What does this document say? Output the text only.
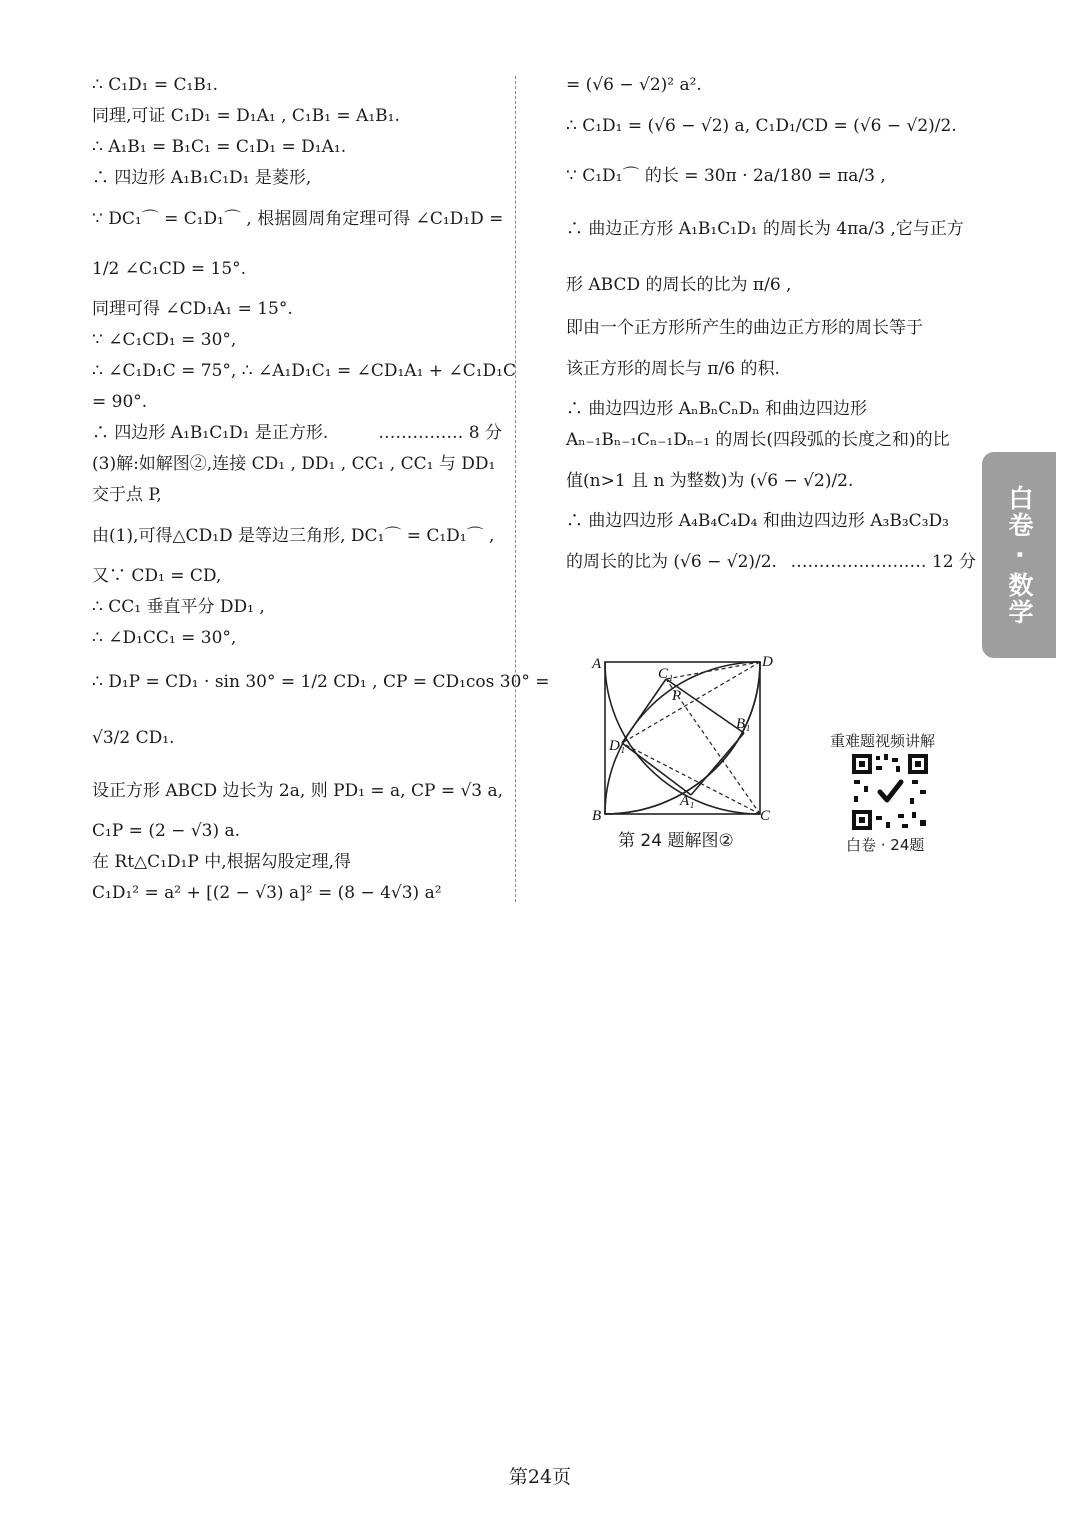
∴ C₁D₁ = C₁B₁.
同理,可证 C₁D₁ = D₁A₁ , C₁B₁ = A₁B₁.
∴ A₁B₁ = B₁C₁ = C₁D₁ = D₁A₁.
∴ 四边形 A₁B₁C₁D₁ 是菱形,
∵ DC₁⌒ = C₁D₁⌒ , 根据圆周角定理可得 ∠C₁D₁D =
1/2 ∠C₁CD = 15°.
同理可得 ∠CD₁A₁ = 15°.
∵ ∠C₁CD₁ = 30°,
∴ ∠C₁D₁C = 75°, ∴ ∠A₁D₁C₁ = ∠CD₁A₁ + ∠C₁D₁C
= 90°.
∴ 四边形 A₁B₁C₁D₁ 是正方形.	…………… 8 分
(3)解:如解图②,连接 CD₁ , DD₁ , CC₁ , CC₁ 与 DD₁
交于点 P,
由(1),可得△CD₁D 是等边三角形, DC₁⌒ = C₁D₁⌒ ,
又∵ CD₁ = CD,
∴ CC₁ 垂直平分 DD₁ ,
∴ ∠D₁CC₁ = 30°,
∴ D₁P = CD₁ · sin 30° = 1/2 CD₁ , CP = CD₁cos 30° =
√3/2 CD₁.
设正方形 ABCD 边长为 2a, 则 PD₁ = a, CP = √3 a,
C₁P = (2 − √3) a.
在 Rt△C₁D₁P 中,根据勾股定理,得
C₁D₁² = a² + [(2 − √3) a]² = (8 − 4√3) a²
= (√6 − √2)² a².
∴ C₁D₁ = (√6 − √2) a, C₁D₁/CD = (√6 − √2)/2.
∵ C₁D₁⌒ 的长 = 30π · 2a/180 = πa/3 ,
∴ 曲边正方形 A₁B₁C₁D₁ 的周长为 4πa/3 ,它与正方
形 ABCD 的周长的比为 π/6 ,
即由一个正方形所产生的曲边正方形的周长等于
该正方形的周长与 π/6 的积.
∴ 曲边四边形 AₙBₙCₙDₙ 和曲边四边形
Aₙ₋₁Bₙ₋₁Cₙ₋₁Dₙ₋₁ 的周长(四段弧的长度之和)的比
值(n>1 且 n 为整数)为 (√6 − √2)/2.
∴ 曲边四边形 A₄B₄C₄D₄ 和曲边四边形 A₃B₃C₃D₃
的周长的比为 (√6 − √2)/2. …………………… 12 分 白卷 · 数学
A	D
B	C
C₁
P
B₁
D₁
A₁
第 24 题解图②
重难题视频讲解
白卷 · 24题
第24页
